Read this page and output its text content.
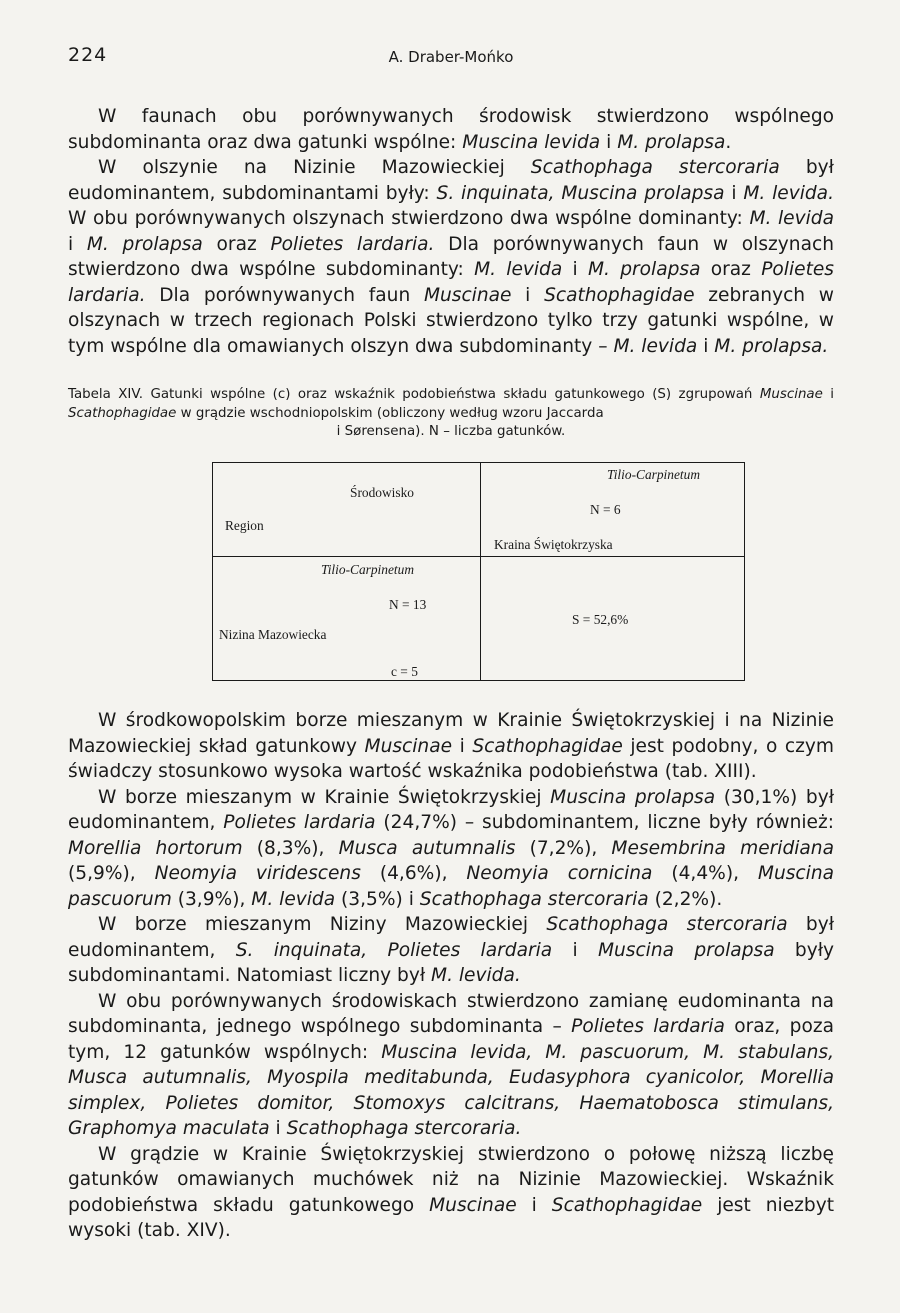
224	A. Draber-Mońko

W faunach obu porównywanych środowisk stwierdzono wspólnego subdominanta oraz dwa gatunki wspólne: Muscina levida i M. prolapsa.

W olszynie na Nizinie Mazowieckiej Scathophaga stercoraria był eudominantem, subdominantami były: S. inquinata, Muscina prolapsa i M. levida. W obu porównywanych olszynach stwierdzono dwa wspólne dominanty: M. levida i M. prolapsa oraz Polietes lardaria. Dla porównywanych faun w olszynach stwierdzono dwa wspólne subdominanty: M. levida i M. prolapsa oraz Polietes lardaria. Dla porównywanych faun Muscinae i Scathophagidae zebranych w olszynach w trzech regionach Polski stwierdzono tylko trzy gatunki wspólne, w tym wspólne dla omawianych olszyn dwa subdominanty – M. levida i M. prolapsa.

Tabela XIV. Gatunki wspólne (c) oraz wskaźnik podobieństwa składu gatunkowego (S) zgrupowań Muscinae i Scathophagidae w grądzie wschodniopolskim (obliczony według wzoru Jaccarda
i Sørensena). N – liczba gatunków.
Środowisko
Region
Tilio-Carpinetum
N = 6
Kraina Świętokrzyska
Tilio-Carpinetum
N = 13
Nizina Mazowiecka
c = 5
S = 52,6%

W środkowopolskim borze mieszanym w Krainie Świętokrzyskiej i na Nizinie Mazowieckiej skład gatunkowy Muscinae i Scathophagidae jest podobny, o czym świadczy stosunkowo wysoka wartość wskaźnika podobieństwa (tab. XIII).

W borze mieszanym w Krainie Świętokrzyskiej Muscina prolapsa (30,1%) był eudominantem, Polietes lardaria (24,7%) – subdominantem, liczne były również: Morellia hortorum (8,3%), Musca autumnalis (7,2%), Mesembrina meridiana (5,9%), Neomyia viridescens (4,6%), Neomyia cornicina (4,4%), Muscina pascuorum (3,9%), M. levida (3,5%) i Scathophaga stercoraria (2,2%).

W borze mieszanym Niziny Mazowieckiej Scathophaga stercoraria był eudominantem, S. inquinata, Polietes lardaria i Muscina prolapsa były subdominantami. Natomiast liczny był M. levida.

W obu porównywanych środowiskach stwierdzono zamianę eudominanta na subdominanta, jednego wspólnego subdominanta – Polietes lardaria oraz, poza tym, 12 gatunków wspólnych: Muscina levida, M. pascuorum, M. stabulans, Musca autumnalis, Myospila meditabunda, Eudasyphora cyanicolor, Morellia simplex, Polietes domitor, Stomoxys calcitrans, Haematobosca stimulans, Graphomya maculata i Scathophaga stercoraria.

W grądzie w Krainie Świętokrzyskiej stwierdzono o połowę niższą liczbę gatunków omawianych muchówek niż na Nizinie Mazowieckiej. Wskaźnik podobieństwa składu gatunkowego Muscinae i Scathophagidae jest niezbyt wysoki (tab. XIV).
